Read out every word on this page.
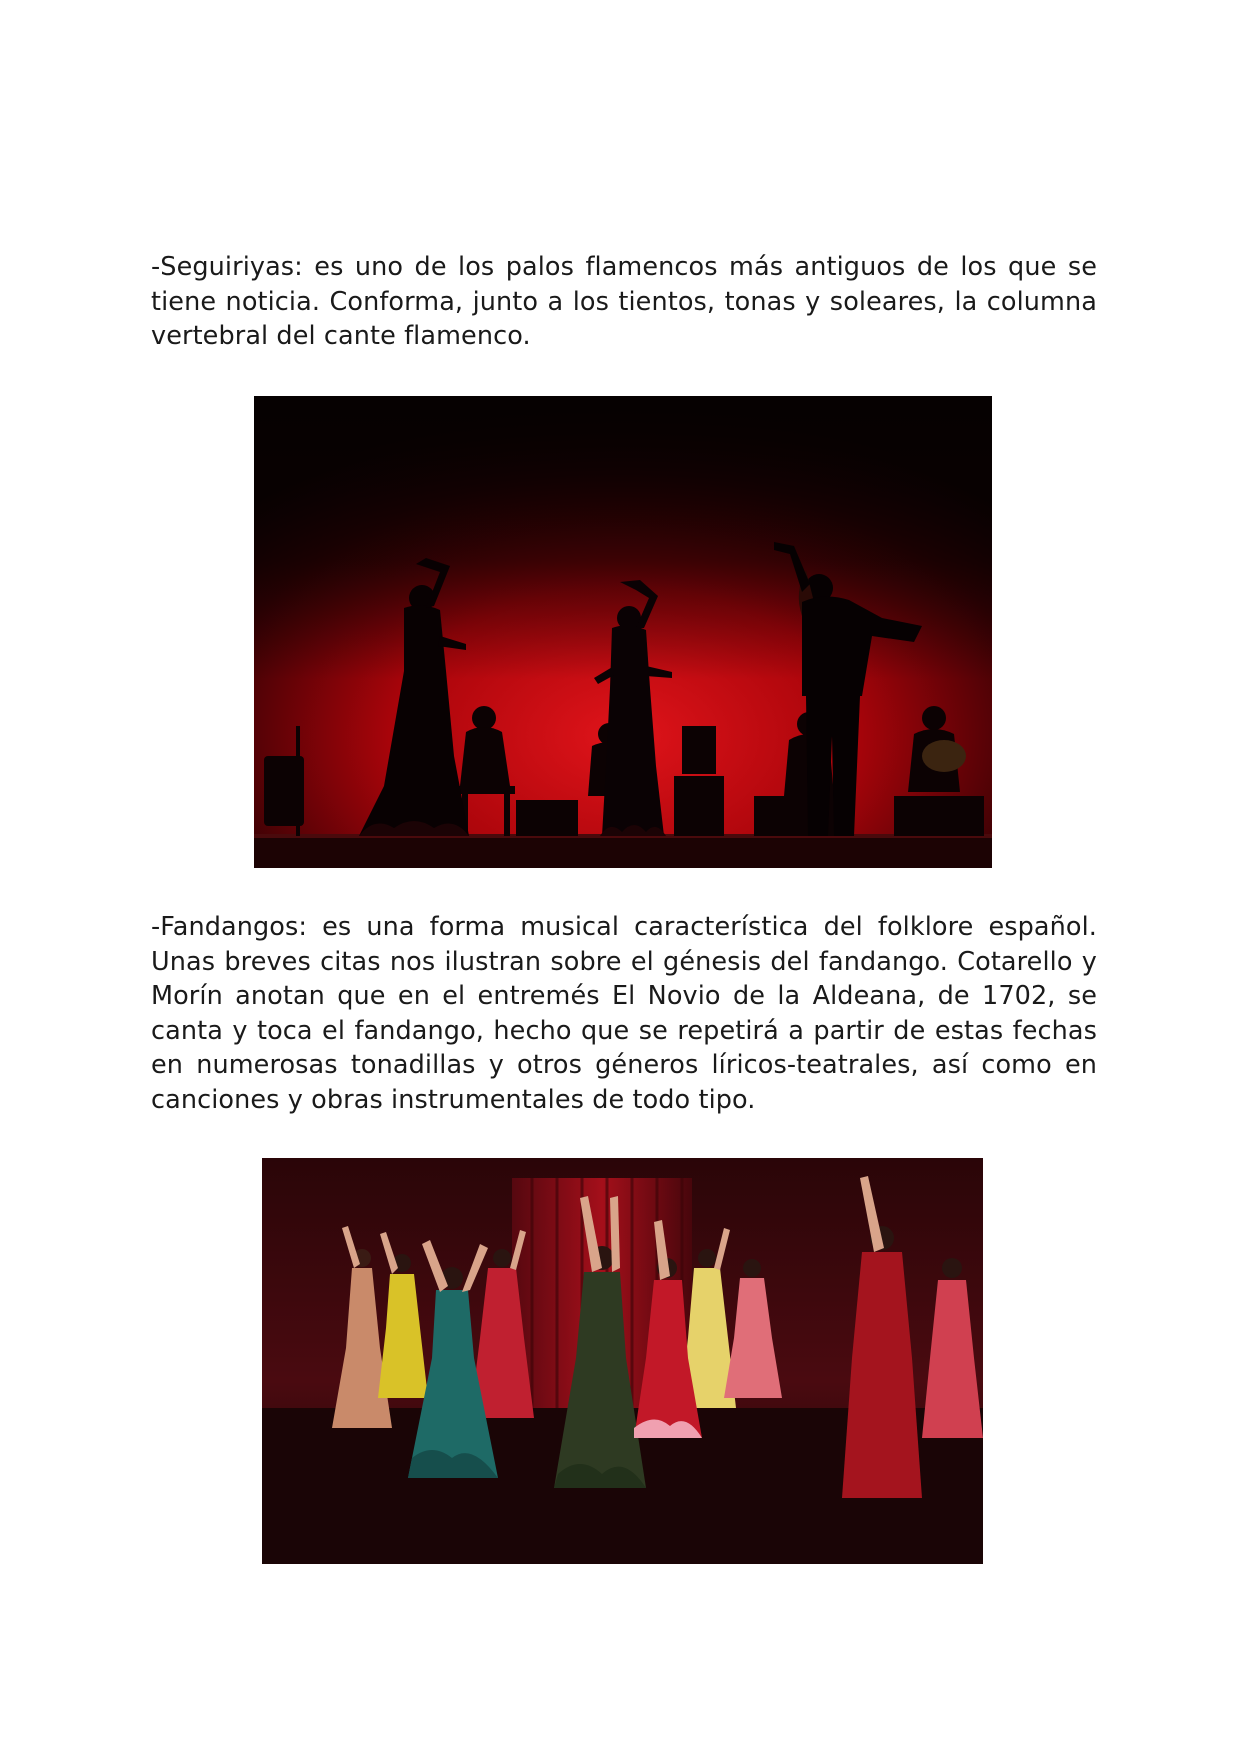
-Seguiriyas: es uno de los palos flamencos más antiguos de los que se tiene noticia. Conforma, junto a los tientos, tonas y soleares, la columna vertebral del cante flamenco.

-Fandangos: es una forma musical característica del folklore español. Unas breves citas nos ilustran sobre el génesis del fandango. Cotarello y Morín anotan que en el entremés El Novio de la Aldeana, de 1702, se canta y toca el fandango, hecho que se repetirá a partir de estas fechas en numerosas tonadillas y otros géneros líricos-teatrales, así como en canciones y obras instrumentales de todo tipo.
